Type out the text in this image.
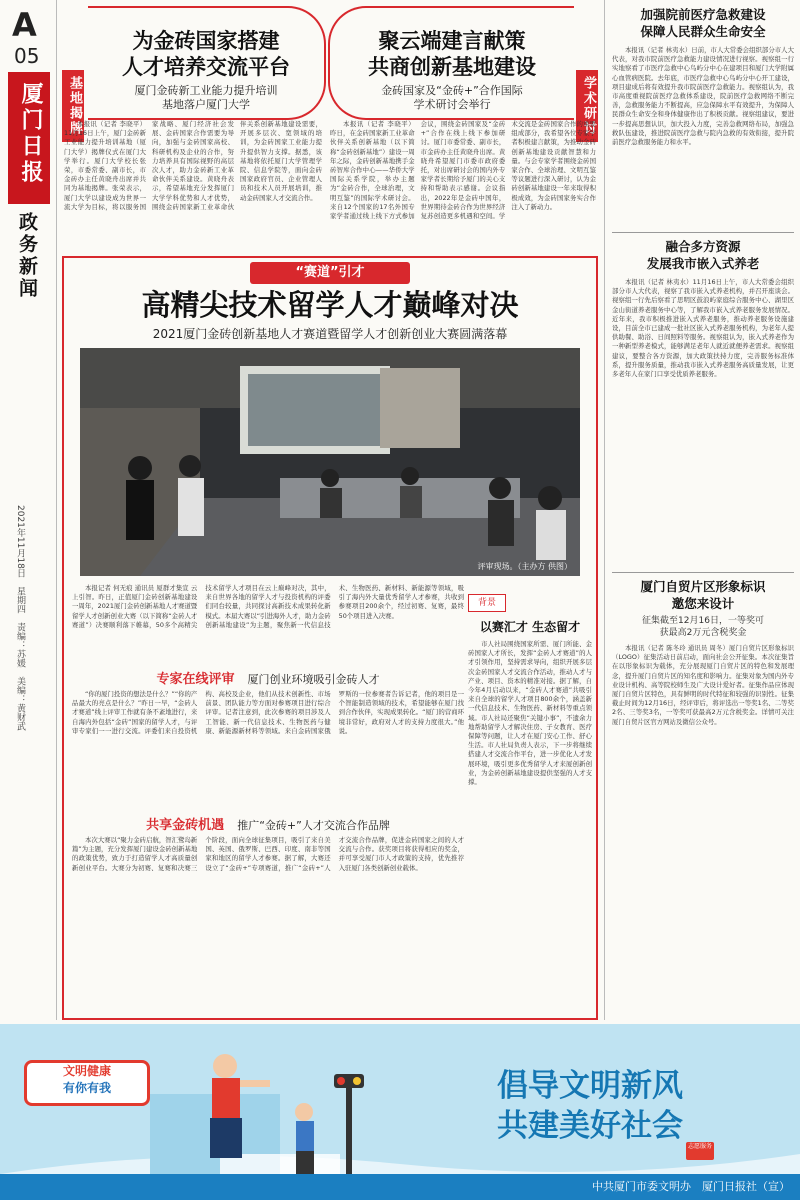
A
05
厦门日报
政务新闻
2021年11月18日　星期四　责编：苏媛　美编：黄财武
基地揭牌
为金砖国家搭建
人才培养交流平台
厦门金砖新工业能力提升培训
基地落户厦门大学

本报讯（记者 李晓平）11月16日上午，厦门金砖新工业能力提升培训基地（厦门大学）揭牌仪式在厦门大学举行。厦门大学校长张荣，市委常委、副市长，市金砖办主任黄晓舟出席并共同为基地揭牌。张荣表示，厦门大学以建设成为世界一流大学为目标，将以服务国家战略、厦门经济社会发展、金砖国家合作需要为导向，加强与金砖国家高校、科研机构及企业的合作，努力培养具有国际视野的高层次人才，助力金砖新工业革命伙伴关系建设。黄晓舟表示，希望基地充分发挥厦门大学学科优势和人才优势，围绕金砖国家新工业革命伙伴关系创新基地建设需要，开展多层次、宽领域的培训，为金砖国家工业能力提升提供智力支撑。据悉，该基地将依托厦门大学管理学院、信息学院等，面向金砖国家政府官员、企业管理人员和技术人员开展培训，推动金砖国家人才交流合作。

学术研讨
聚云端建言献策
共商创新基地建设
金砖国家及“金砖+”合作国际
学术研讨会举行

本报讯（记者 李晓平）昨日，在金砖国家新工业革命伙伴关系创新基地（以下简称“金砖创新基地”）建设一周年之际，金砖创新基地携手金砖智库合作中心——华侨大学国际关系学院，举办主题为“金砖合作，全球治理，文明互鉴”的国际学术研讨会。来自12个国家的17名外国专家学者通过线上线下方式参加会议，围绕金砖国家及“金砖+”合作在线上线下参加研讨。厦门市委常委、副市长，市金砖办主任黄晓舟出席。黄晓舟希望厦门市委市政府委托，对出席研讨会的国内外专家学者长期给予厦门的关心支持和帮助表示感谢。会议指出，2022年是金砖中国年，世界期待金砖合作为世界经济复苏创造更多机遇和空间。学术交流是金砖国家合作的重要组成部分，我希望各位专家学者积极建言献策，为推动金砖创新基地建设贡献智慧和力量。与会专家学者围绕金砖国家合作、全球治理、文明互鉴等议题进行深入研讨，认为金砖创新基地建设一年来取得积极成效，为金砖国家务实合作注入了新动力。

加强院前医疗急救建设
保障人民群众生命安全

本报讯（记者 林夷水）日前，市人大常委会组织部分市人大代表，对我市院前医疗急救能力建设情况进行视察。视察组一行实地察看了市医疗急救中心鸟屿分中心在建项目和厦门大学附属心血管病医院。去年底，市医疗急救中心鸟屿分中心开工建设，项目建成后将有效提升我市院前医疗急救能力。视察组认为，我市高度重视院前医疗急救体系建设，院前医疗急救网络不断完善，急救服务能力不断提高，应急保障水平有效提升，为保障人民群众生命安全和身体健康作出了积极贡献。视察组建议，要进一步提高思想认识，加大投入力度，完善急救网络布局，加强急救队伍建设，推进院前医疗急救与院内急救的有效衔接，提升院前医疗急救服务能力和水平。

融合多方资源
发展我市嵌入式养老

本报讯（记者 林夷水）11月16日上午，市人大常委会组织部分市人大代表，视察了我市嵌入式养老机构，并召开座谈会。视察组一行先后察看了思明区鼓浪屿家庭综合服务中心、湖里区金山街道养老服务中心等，了解我市嵌入式养老服务发展情况。近年来，我市积极推进嵌入式养老服务，推动养老服务设施建设，目前全市已建成一批社区嵌入式养老服务机构，为老年人提供助餐、助浴、日间照料等服务。视察组认为，嵌入式养老作为一种新型养老模式，能够满足老年人就近就便养老需求。视察组建议，要整合各方资源，加大政策扶持力度，完善服务标准体系，提升服务质量，推动我市嵌入式养老服务高质量发展，让更多老年人在家门口享受优质养老服务。

厦门自贸片区形象标识
邀您来设计
征集截至12月16日，一等奖可
获最高2万元含税奖金

本报讯（记者 陈冬玲 通讯员 周冬）厦门自贸片区形象标识（LOGO）征集活动日前启动，面向社会公开征集。本次征集旨在以形象标识为载体，充分展现厦门自贸片区的特色和发展理念，提升厦门自贸片区的知名度和影响力。征集对象为国内外专业设计机构、高等院校师生及广大设计爱好者。征集作品应体现厦门自贸片区特色，具有鲜明的时代特征和较强的识别性。征集截止时间为12月16日，经评审后，将评选出一等奖1名、二等奖2名、三等奖3名，一等奖可获最高2万元含税奖金。详情可关注厦门自贸片区官方网站及微信公众号。

“赛道”引才
高精尖技术留学人才巅峰对决
2021厦门金砖创新基地人才赛道暨留学人才创新创业大赛圆满落幕
评审现场。（主办方 供图）

本报记者 何无痕 通讯员 厦群才集宣 云上引智。昨日，正值厦门金砖创新基地建设一周年，2021厦门金砖创新基地人才赛道暨留学人才创新创业大赛（以下简称“金砖人才赛道”）决赛顺利落下帷幕，50多个高精尖技术留学人才项目在云上巅峰对决，其中，来自世界各地的留学人才与投资机构的评委们同台较量，共同探讨高新技术成果转化新模式。本届大赛以“引进海外人才，助力金砖创新基地建设”为主题，聚焦新一代信息技术、生物医药、新材料、新能源等领域，吸引了海内外大量优秀留学人才参赛，共收到参赛项目200余个，经过初赛、复赛，最终50个项目进入决赛。

专家在线评审 厦门创业环境吸引金砖人才

“你的厦门投资的想法是什么？”“你的产品最大的亮点是什么？”昨日一早，“金砖人才赛道”线上评审工作就有条不紊地进行，来自海内外包括“金砖”国家的留学人才，与评审专家们一一进行交流。评委们来自投资机构、高校及企业，他们从技术创新性、市场前景、团队能力等方面对参赛项目进行综合评审。记者注意到，此次参赛的项目涉及人工智能、新一代信息技术、生物医药与健康、新能源新材料等领域。来自金砖国家俄罗斯的一位参赛者告诉记者，他的项目是一个智能制造领域的技术，希望能够在厦门找到合作伙伴，实现成果转化。“厦门的营商环境非常好，政府对人才的支持力度很大。”他说。

背景
以赛汇才 生态留才

市人社局围绕国家所需、厦门所能、金砖国家人才所长，发挥“金砖人才赛道”的人才引领作用，坚持需求导向，组织开展多层次金砖国家人才交流合作活动，推动人才与产业、项目、资本的精准对接。据了解，自今年4月启动以来，“金砖人才赛道”共吸引来自全球的留学人才项目800余个，涵盖新一代信息技术、生物医药、新材料等重点领域。市人社局还聚焦“关键小事”，不遗余力地帮助留学人才解决住房、子女教育、医疗保障等问题，让人才在厦门安心工作、舒心生活。市人社局负责人表示，下一步将继续搭建人才交流合作平台，进一步优化人才发展环境，吸引更多优秀留学人才来厦创新创业，为金砖创新基地建设提供坚强的人才支撑。

共享金砖机遇 推广“金砖+”人才交流合作品牌

本次大赛以“聚力金砖启航，智汇鹭岛新篇”为主题，充分发挥厦门建设金砖创新基地的政策优势，致力于打造留学人才高质量创新创业平台。大赛分为初赛、复赛和决赛三个阶段，面向全球征集项目，吸引了来自美国、英国、俄罗斯、巴西、印度、南非等国家和地区的留学人才参赛。据了解，大赛还设立了“金砖+”专项赛道，推广“金砖+”人才交流合作品牌，促进金砖国家之间的人才交流与合作。获奖项目将获得相应的奖金，并可享受厦门市人才政策的支持，优先推荐入驻厦门各类创新创业载体。

文明健康
有你有我	倡导文明新风
共建美好社会
志愿服务
中共厦门市委文明办　厦门日报社（宣）
